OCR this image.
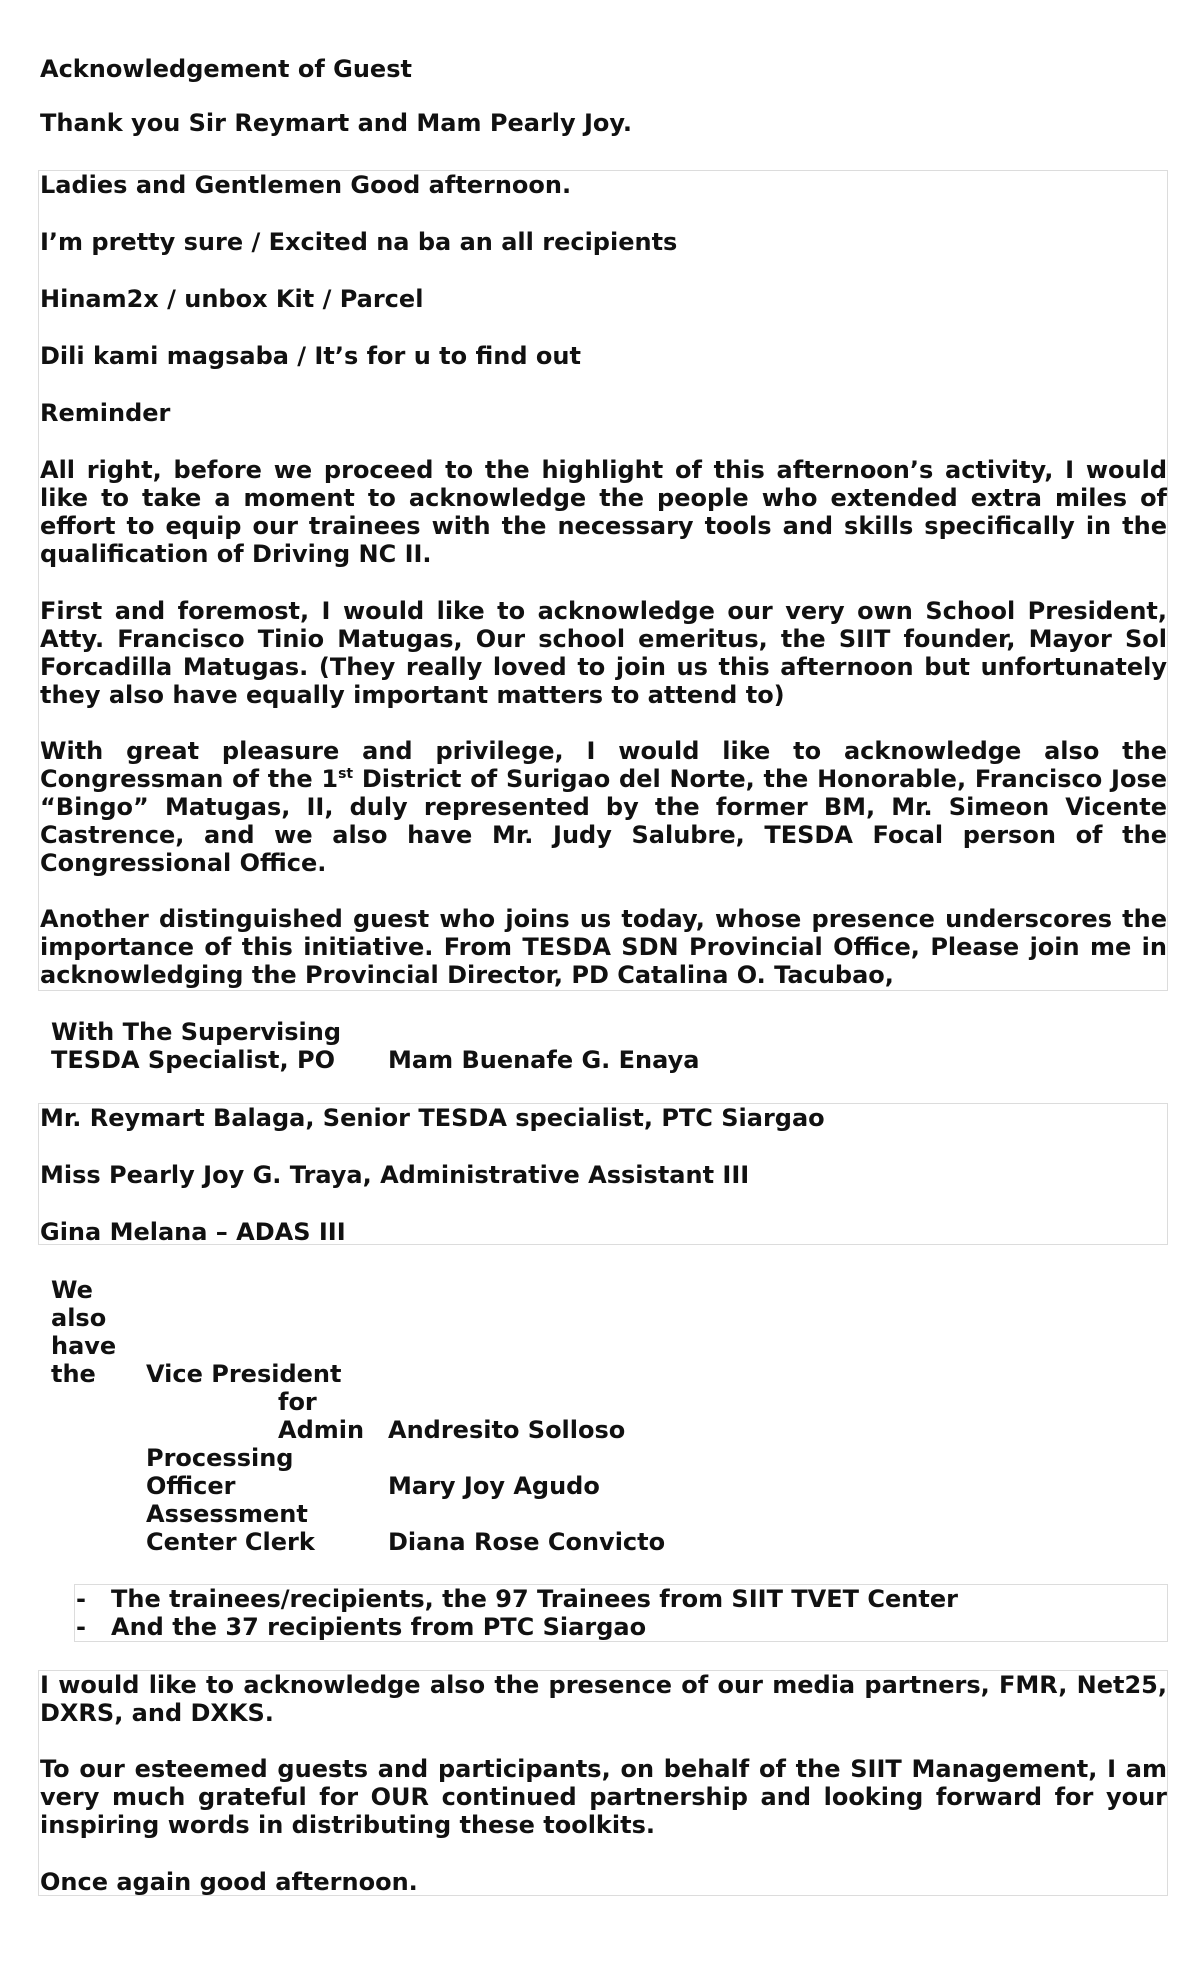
Acknowledgement of Guest
Thank you Sir Reymart and Mam Pearly Joy.
Ladies and Gentlemen Good afternoon.
I’m pretty sure / Excited na ba an all recipients
Hinam2x / unbox Kit / Parcel
Dili kami magsaba / It’s for u to find out
Reminder
All right, before we proceed to the highlight of this afternoon’s activity, I would like to take a moment to acknowledge the people who extended extra miles of effort to equip our trainees with the necessary tools and skills specifically in the qualification of Driving NC II.
First and foremost, I would like to acknowledge our very own School President, Atty. Francisco Tinio Matugas, Our school emeritus, the SIIT founder, Mayor Sol Forcadilla Matugas. (They really loved to join us this afternoon but unfortunately they also have equally important matters to attend to)
With great pleasure and privilege, I would like to acknowledge also the Congressman of the 1st District of Surigao del Norte, the Honorable, Francisco Jose “Bingo” Matugas, II, duly represented by the former BM, Mr. Simeon Vicente Castrence, and we also have Mr. Judy Salubre, TESDA Focal person of the Congressional Office.
Another distinguished guest who joins us today, whose presence underscores the importance of this initiative. From TESDA SDN Provincial Office, Please join me in acknowledging the Provincial Director, PD Catalina O. Tacubao,
With The Supervising
TESDA Specialist, PO Mam Buenafe G. Enaya
Mr. Reymart Balaga, Senior TESDA specialist, PTC Siargao
Miss Pearly Joy G. Traya, Administrative Assistant III
Gina Melana – ADAS III
We
also
have
the Vice President
for
Admin Andresito Solloso
Processing
Officer	Mary Joy Agudo
Assessment
Center Clerk	Diana Rose Convicto
- The trainees/recipients, the 97 Trainees from SIIT TVET Center
- And the 37 recipients from PTC Siargao
I would like to acknowledge also the presence of our media partners, FMR, Net25, DXRS, and DXKS.
To our esteemed guests and participants, on behalf of the SIIT Management, I am very much grateful for OUR continued partnership and looking forward for your inspiring words in distributing these toolkits.
Once again good afternoon.
